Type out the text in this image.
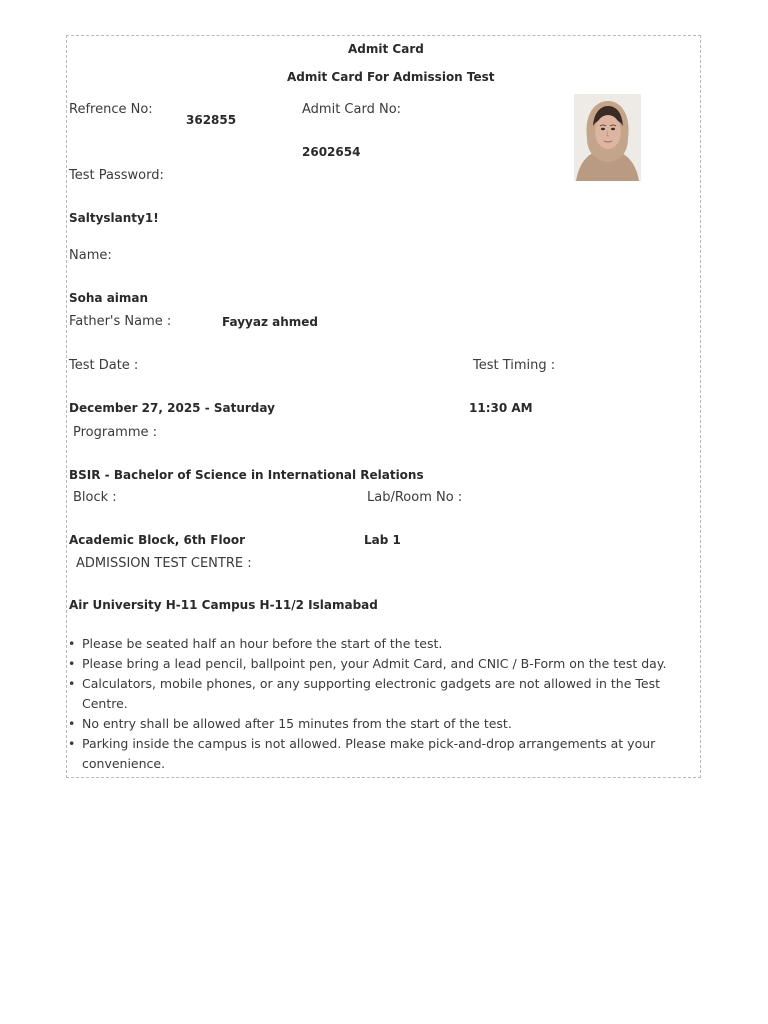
Admit Card
Admit Card For Admission Test
Refrence No:
362855
Admit Card No:
2602654
Test Password:
Saltyslanty1!
Name:
Soha aiman
Father's Name :	Fayyaz ahmed
Test Date :	Test Timing :
December 27, 2025 - Saturday	11:30 AM
Programme :
BSIR - Bachelor of Science in International Relations
Block :	Lab/Room No :
Academic Block, 6th Floor	Lab 1
ADMISSION TEST CENTRE :
Air University H-11 Campus H-11/2 Islamabad
• Please be seated half an hour before the start of the test.
• Please bring a lead pencil, ballpoint pen, your Admit Card, and CNIC / B-Form on the test day.
• Calculators, mobile phones, or any supporting electronic gadgets are not allowed in the Test Centre.
• No entry shall be allowed after 15 minutes from the start of the test.
• Parking inside the campus is not allowed. Please make pick-and-drop arrangements at your convenience.
